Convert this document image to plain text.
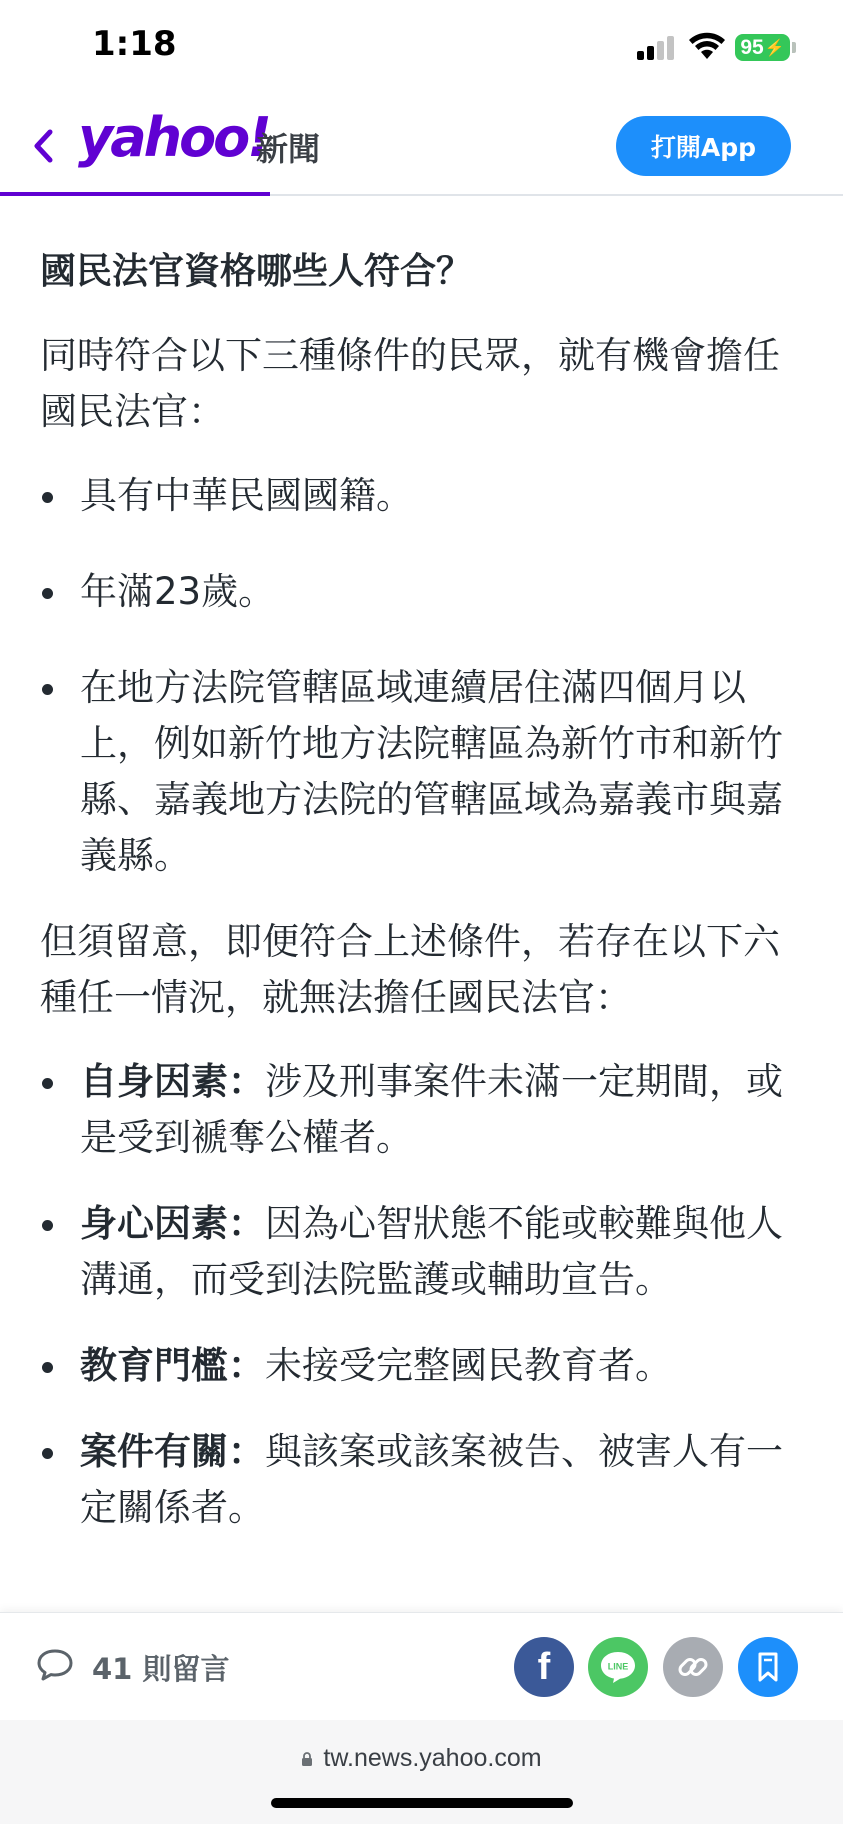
1:18	95 ⚡
yahoo!
新聞	打開App
國民法官資格哪些人符合？

同時符合以下三種條件的民眾，就有機會擔任國民法官：

具有中華民國國籍。
年滿23歲。
在地方法院管轄區域連續居住滿四個月以上，例如新竹地方法院轄區為新竹市和新竹縣、嘉義地方法院的管轄區域為嘉義市與嘉義縣。

但須留意，即便符合上述條件，若存在以下六種任一情況，就無法擔任國民法官：

自身因素：涉及刑事案件未滿一定期間，或是受到褫奪公權者。
身心因素：因為心智狀態不能或較難與他人溝通，而受到法院監護或輔助宣告。
教育門檻：未接受完整國民教育者。
案件有關：與該案或該案被告、被害人有一定關係者。
41 則留言	f	LINE
tw.news.yahoo.com
